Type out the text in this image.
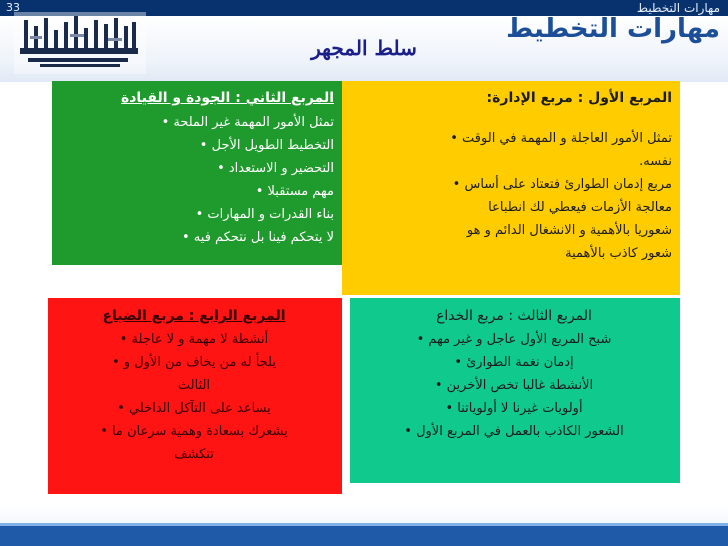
33	مهارات التخطيط
مهارات التخطيط
سلط المجهر
المربع الأول : مربع الإدارة:

تمثل الأمور العاجلة و المهمة في الوقت •

نفسه.

مربع إدمان الطوارئ فتعتاد على أساس •

معالجة الأزمات فيعطي لك انطباعا

شعوريا بالأهمية و الانشغال الدائم و هو

شعور كاذب بالأهمية

المربع الثاني : الجودة و القيادة

تمثل الأمور المهمة غير الملحة •

التخطيط الطويل الأجل •

التحضير و الاستعداد •

مهم مستقبلا •

بناء القدرات و المهارات •

لا يتحكم فينا بل نتحكم فيه •

المربع الثالث : مربع الخداع

شبح المربع الأول عاجل و غير مهم •

إدمان نغمة الطوارئ •

الأنشطة غالبا تخص الأخرين •

أولويات غيرنا لا أولوياتنا •

الشعور الكاذب بالعمل في المربع الأول •

المربع الرابع : مربع الضياع

أنشطة لا مهمة و لا عاجلة •

يلجأ له من يخاف من الأول و •

الثالث

يساعد على التآكل الداخلي •

يشعرك بسعادة وهمية سرعان ما •

تتكشف
